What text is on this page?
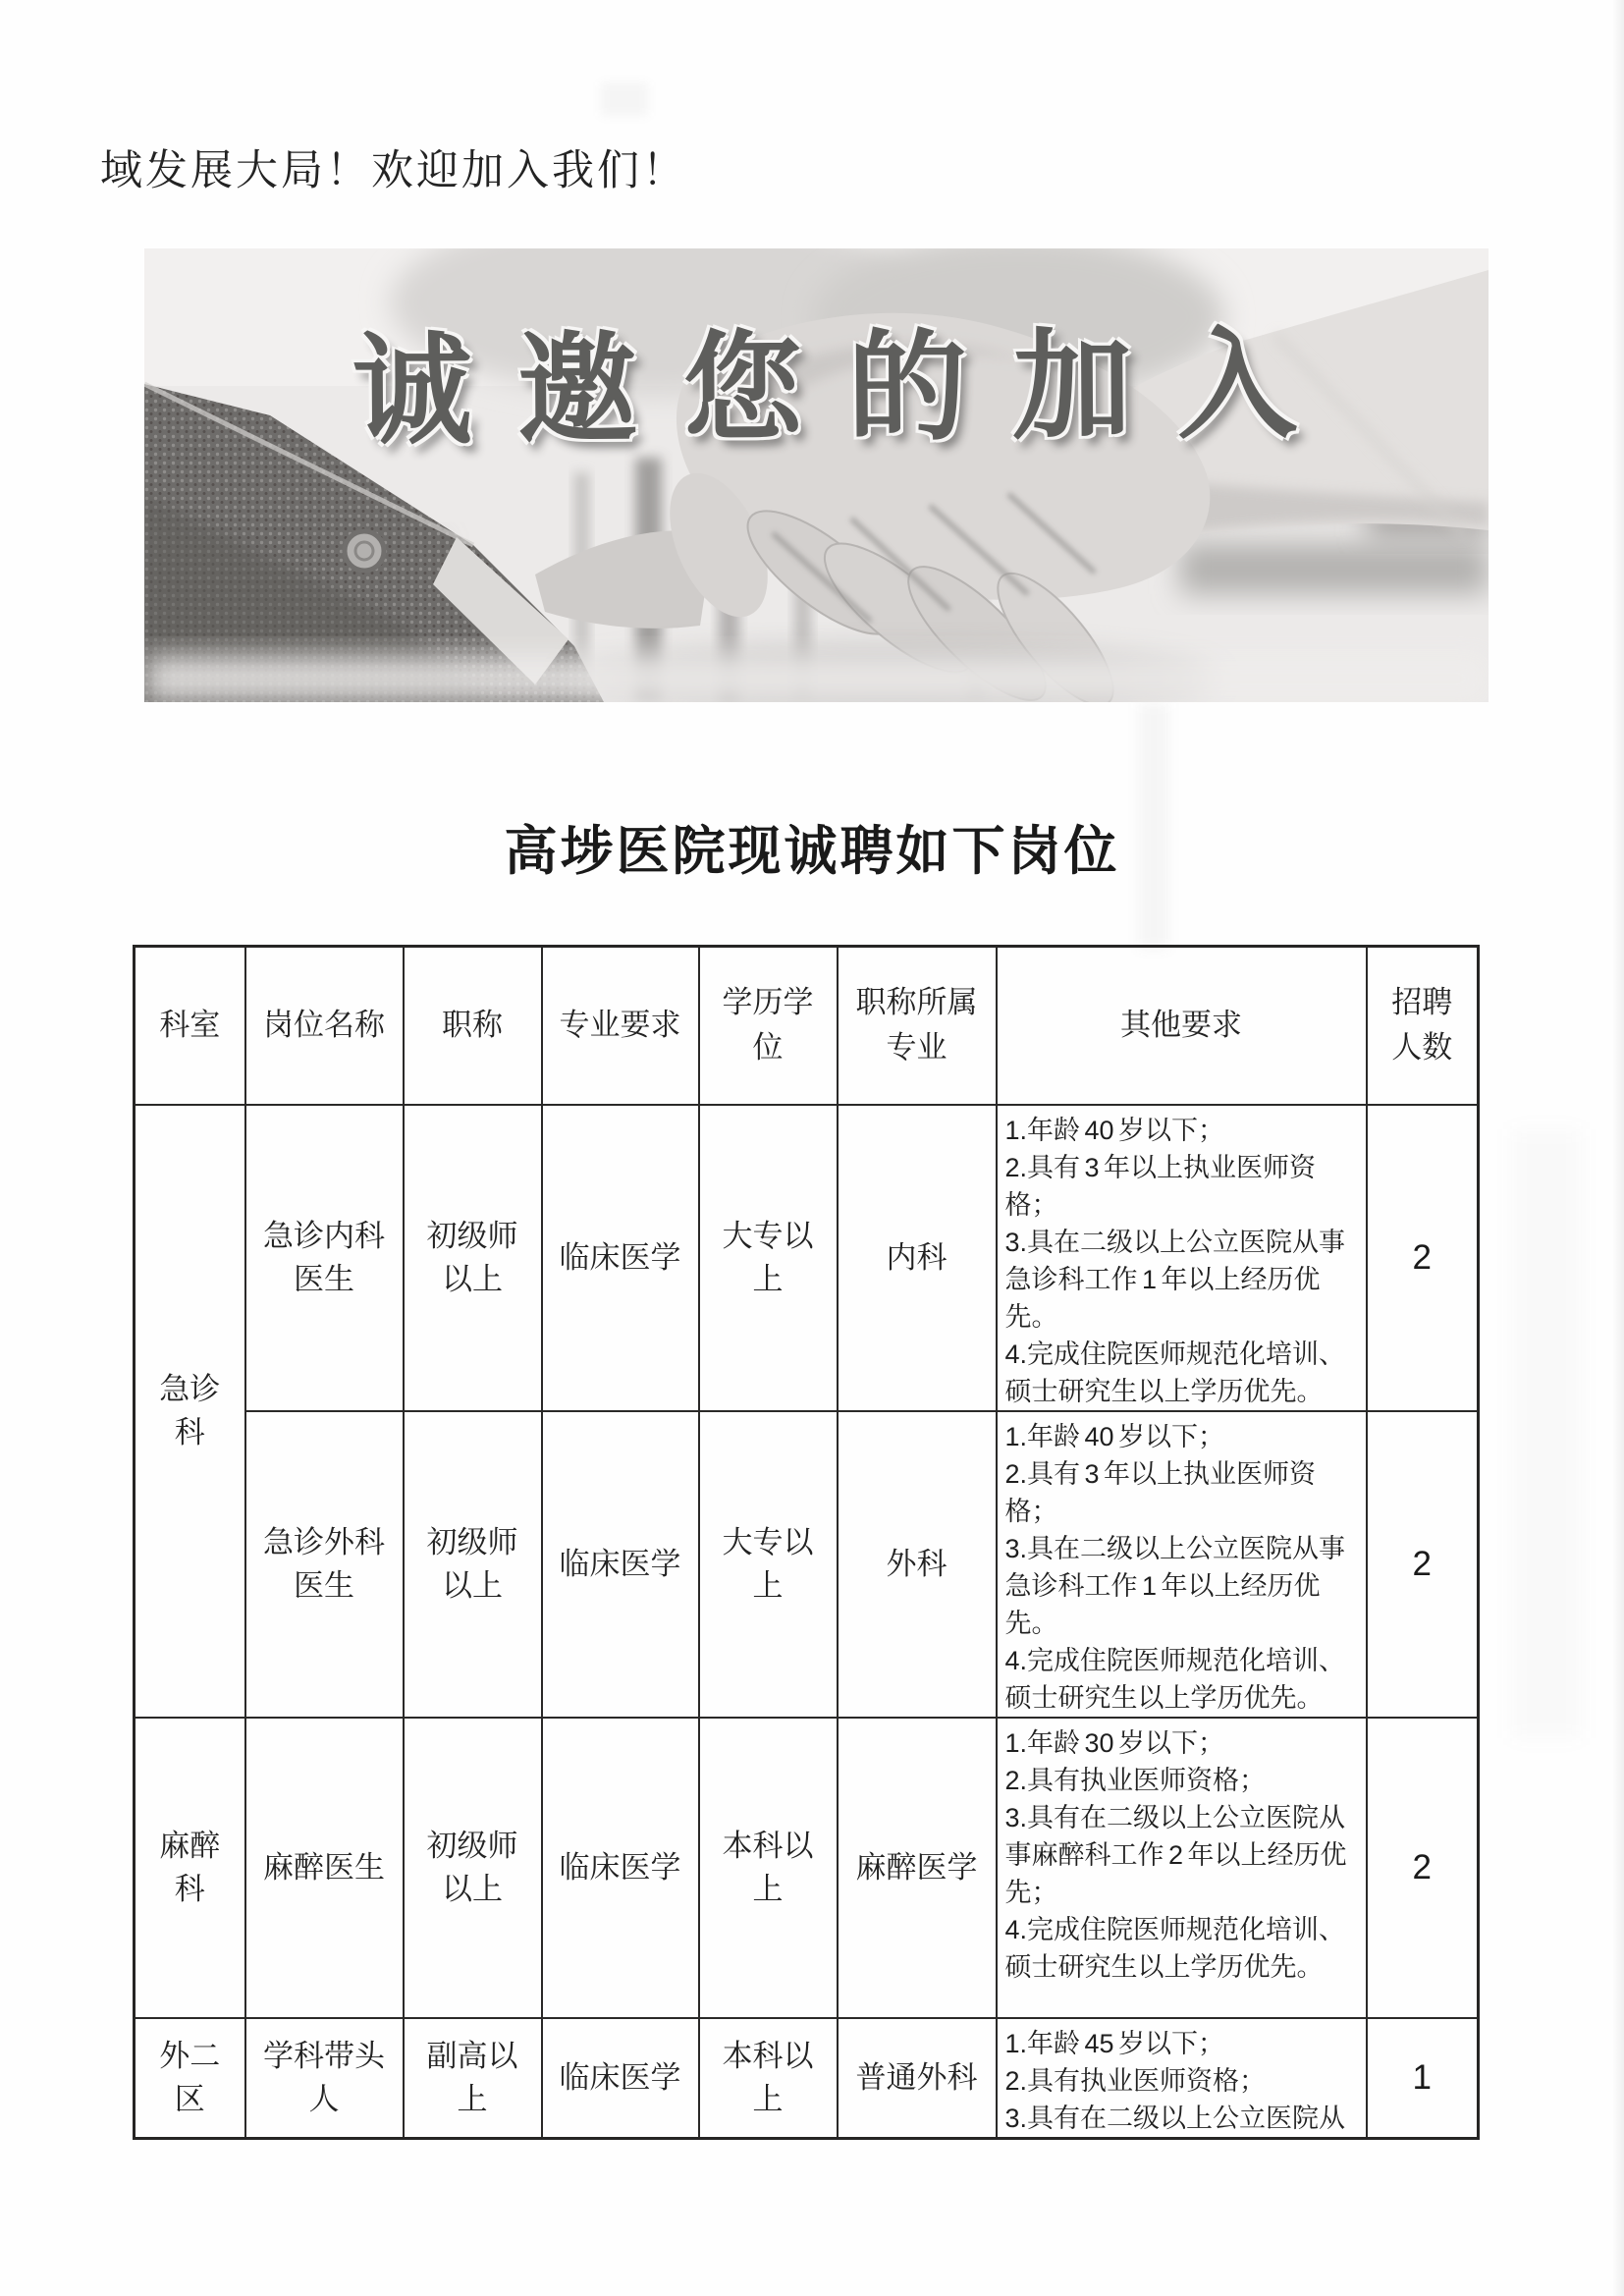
域发展大局！欢迎加入我们！
诚邀您的加入
高埗医院现诚聘如下岗位
科室	岗位名称	职称	专业要求	学历学位	职称所属专业	其他要求	招聘人数
急诊科	急诊内科医生	初级师以上	临床医学	大专以上	内科	1.年龄 40 岁以下；
2.具有 3 年以上执业医师资格；
3.具在二级以上公立医院从事急诊科工作 1 年以上经历优先。
4.完成住院医师规范化培训、硕士研究生以上学历优先。	2
	急诊外科医生	初级师以上	临床医学	大专以上	外科	1.年龄 40 岁以下；
2.具有 3 年以上执业医师资格；
3.具在二级以上公立医院从事急诊科工作 1 年以上经历优先。
4.完成住院医师规范化培训、硕士研究生以上学历优先。	2
麻醉科	麻醉医生	初级师以上	临床医学	本科以上	麻醉医学	1.年龄 30 岁以下；
2.具有执业医师资格；
3.具有在二级以上公立医院从事麻醉科工作 2 年以上经历优先；
4.完成住院医师规范化培训、硕士研究生以上学历优先。	2
外二区	学科带头人	副高以上	临床医学	本科以上	普通外科	1.年龄 45 岁以下；
2.具有执业医师资格；
3.具有在二级以上公立医院从	1
